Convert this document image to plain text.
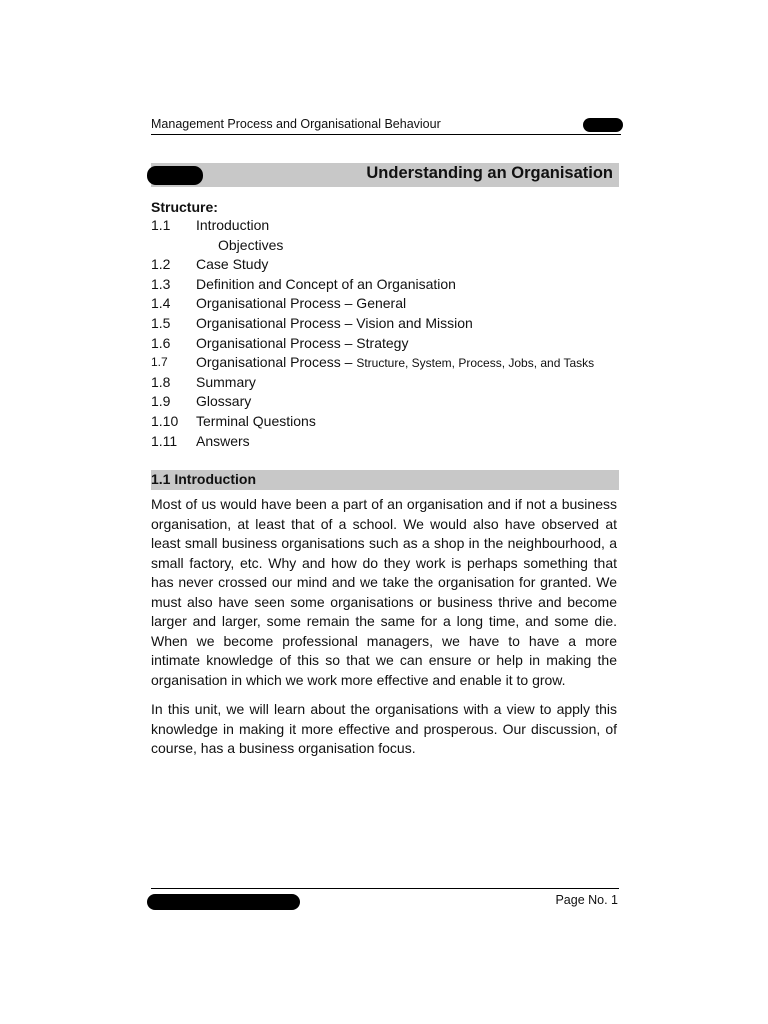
Management Process and Organisational Behaviour
Understanding an Organisation
Structure:
1.1 Introduction
Objectives
1.2 Case Study
1.3 Definition and Concept of an Organisation
1.4 Organisational Process – General
1.5 Organisational Process – Vision and Mission
1.6 Organisational Process – Strategy
1.7 Organisational Process – Structure, System, Process, Jobs, and Tasks
1.8 Summary
1.9 Glossary
1.10 Terminal Questions
1.11 Answers
1.1 Introduction
Most of us would have been a part of an organisation and if not a business organisation, at least that of a school. We would also have observed at least small business organisations such as a shop in the neighbourhood, a small factory, etc. Why and how do they work is perhaps something that has never crossed our mind and we take the organisation for granted. We must also have seen some organisations or business thrive and become larger and larger, some remain the same for a long time, and some die. When we become professional managers, we have to have a more intimate knowledge of this so that we can ensure or help in making the organisation in which we work more effective and enable it to grow.
In this unit, we will learn about the organisations with a view to apply this knowledge in making it more effective and prosperous. Our discussion, of course, has a business organisation focus.
Page No. 1
